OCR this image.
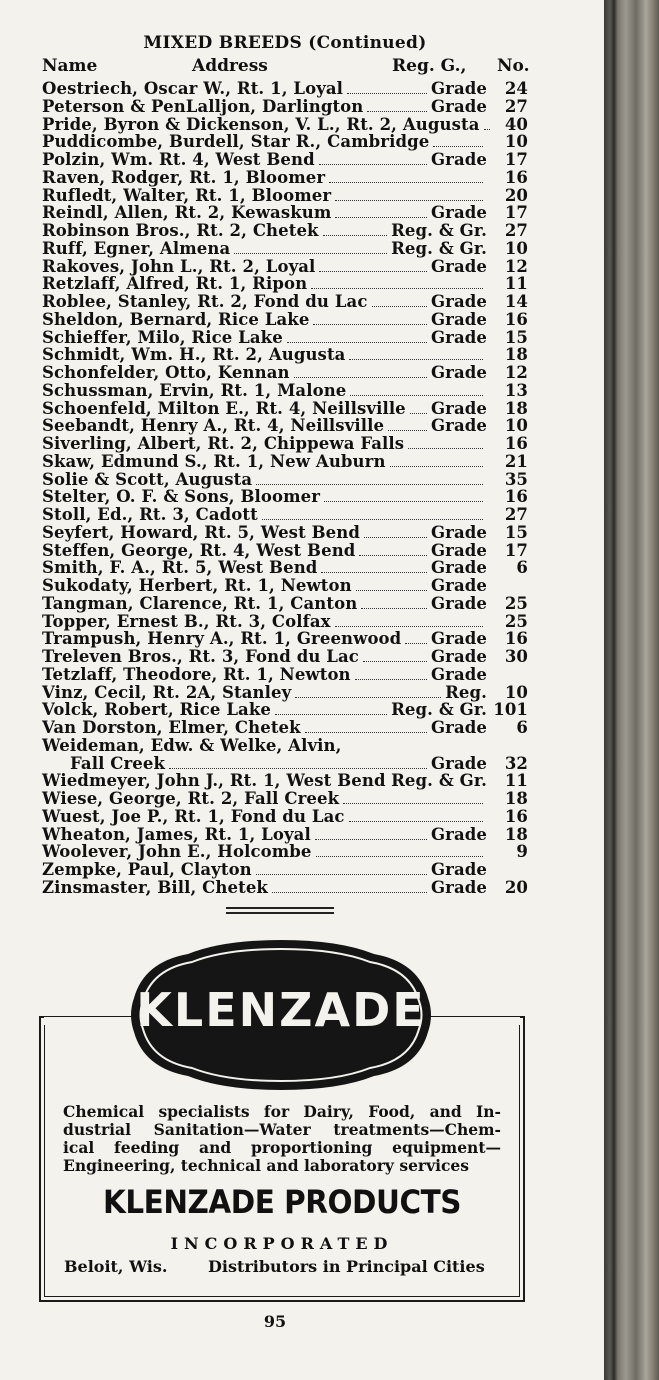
MIXED BREEDS (Continued)
Name	Address	Reg. G., No.
Oestriech, Oscar W., Rt. 1, Loyal	Grade	24
Peterson & PenLalljon, Darlington	Grade	27
Pride, Byron & Dickenson, V. L., Rt. 2, Augusta	40
Puddicombe, Burdell, Star R., Cambridge	10
Polzin, Wm. Rt. 4, West Bend	Grade	17
Raven, Rodger, Rt. 1, Bloomer	16
Rufledt, Walter, Rt. 1, Bloomer	20
Reindl, Allen, Rt. 2, Kewaskum	Grade	17
Robinson Bros., Rt. 2, Chetek	Reg. & Gr.	27
Ruff, Egner, Almena	Reg. & Gr.	10
Rakoves, John L., Rt. 2, Loyal	Grade	12
Retzlaff, Alfred, Rt. 1, Ripon	11
Roblee, Stanley, Rt. 2, Fond du Lac	Grade	14
Sheldon, Bernard, Rice Lake	Grade	16
Schieffer, Milo, Rice Lake	Grade	15
Schmidt, Wm. H., Rt. 2, Augusta	18
Schonfelder, Otto, Kennan	Grade	12
Schussman, Ervin, Rt. 1, Malone	13
Schoenfeld, Milton E., Rt. 4, Neillsville Grade	18
Seebandt, Henry A., Rt. 4, Neillsville	Grade	10
Siverling, Albert, Rt. 2, Chippewa Falls	16
Skaw, Edmund S., Rt. 1, New Auburn	21
Solie & Scott, Augusta	35
Stelter, O. F. & Sons, Bloomer	16
Stoll, Ed., Rt. 3, Cadott	27
Seyfert, Howard, Rt. 5, West Bend	Grade	15
Steffen, George, Rt. 4, West Bend	Grade	17
Smith, F. A., Rt. 5, West Bend	Grade	6
Sukodaty, Herbert, Rt. 1, Newton	Grade
Tangman, Clarence, Rt. 1, Canton	Grade	25
Topper, Ernest B., Rt. 3, Colfax	25
Trampush, Henry A., Rt. 1, Greenwood Grade	16
Treleven Bros., Rt. 3, Fond du Lac	Grade	30
Tetzlaff, Theodore, Rt. 1, Newton	Grade
Vinz, Cecil, Rt. 2A, Stanley	Reg.	10
Volck, Robert, Rice Lake	Reg. & Gr. 101
Van Dorston, Elmer, Chetek	Grade	6
Weideman, Edw. & Welke, Alvin,
Fall Creek	Grade	32
Wiedmeyer, John J., Rt. 1, West Bend Reg. & Gr.	11
Wiese, George, Rt. 2, Fall Creek	18
Wuest, Joe P., Rt. 1, Fond du Lac	16
Wheaton, James, Rt. 1, Loyal	Grade	18
Woolever, John E., Holcombe	9
Zempke, Paul, Clayton	Grade
Zinsmaster, Bill, Chetek	Grade	20
KLENZADE
Chemical specialists for Dairy, Food, and In-
dustrial Sanitation—Water treatments—Chem-
ical feeding and proportioning equipment—
Engineering, technical and laboratory services
KLENZADE PRODUCTS
INCORPORATED
Beloit, Wis.	Distributors in Principal Cities
95
